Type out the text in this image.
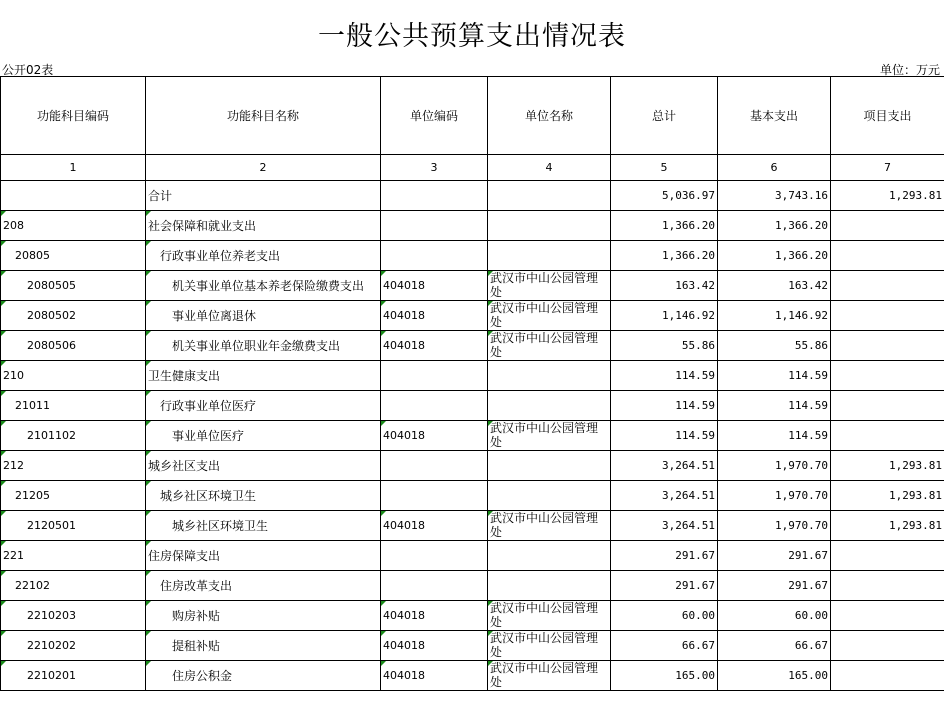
一般公共预算支出情况表
公开02表	单位：万元
功能科目编码	功能科目名称	单位编码	单位名称	总计	基本支出	项目支出
1	2	3	4	5	6	7
	合计			5,036.97	3,743.16	1,293.81
208	社会保障和就业支出			1,366.20	1,366.20	
20805	行政事业单位养老支出			1,366.20	1,366.20	
2080505	机关事业单位基本养老保险缴费支出	404018	武汉市中山公园管理处	163.42	163.42	
2080502	事业单位离退休	404018	武汉市中山公园管理处	1,146.92	1,146.92	
2080506	机关事业单位职业年金缴费支出	404018	武汉市中山公园管理处	55.86	55.86	
210	卫生健康支出			114.59	114.59	
21011	行政事业单位医疗			114.59	114.59	
2101102	事业单位医疗	404018	武汉市中山公园管理处	114.59	114.59	
212	城乡社区支出			3,264.51	1,970.70	1,293.81
21205	城乡社区环境卫生			3,264.51	1,970.70	1,293.81
2120501	城乡社区环境卫生	404018	武汉市中山公园管理处	3,264.51	1,970.70	1,293.81
221	住房保障支出			291.67	291.67	
22102	住房改革支出			291.67	291.67	
2210203	购房补贴	404018	武汉市中山公园管理处	60.00	60.00	
2210202	提租补贴	404018	武汉市中山公园管理处	66.67	66.67	
2210201	住房公积金	404018	武汉市中山公园管理处	165.00	165.00	
